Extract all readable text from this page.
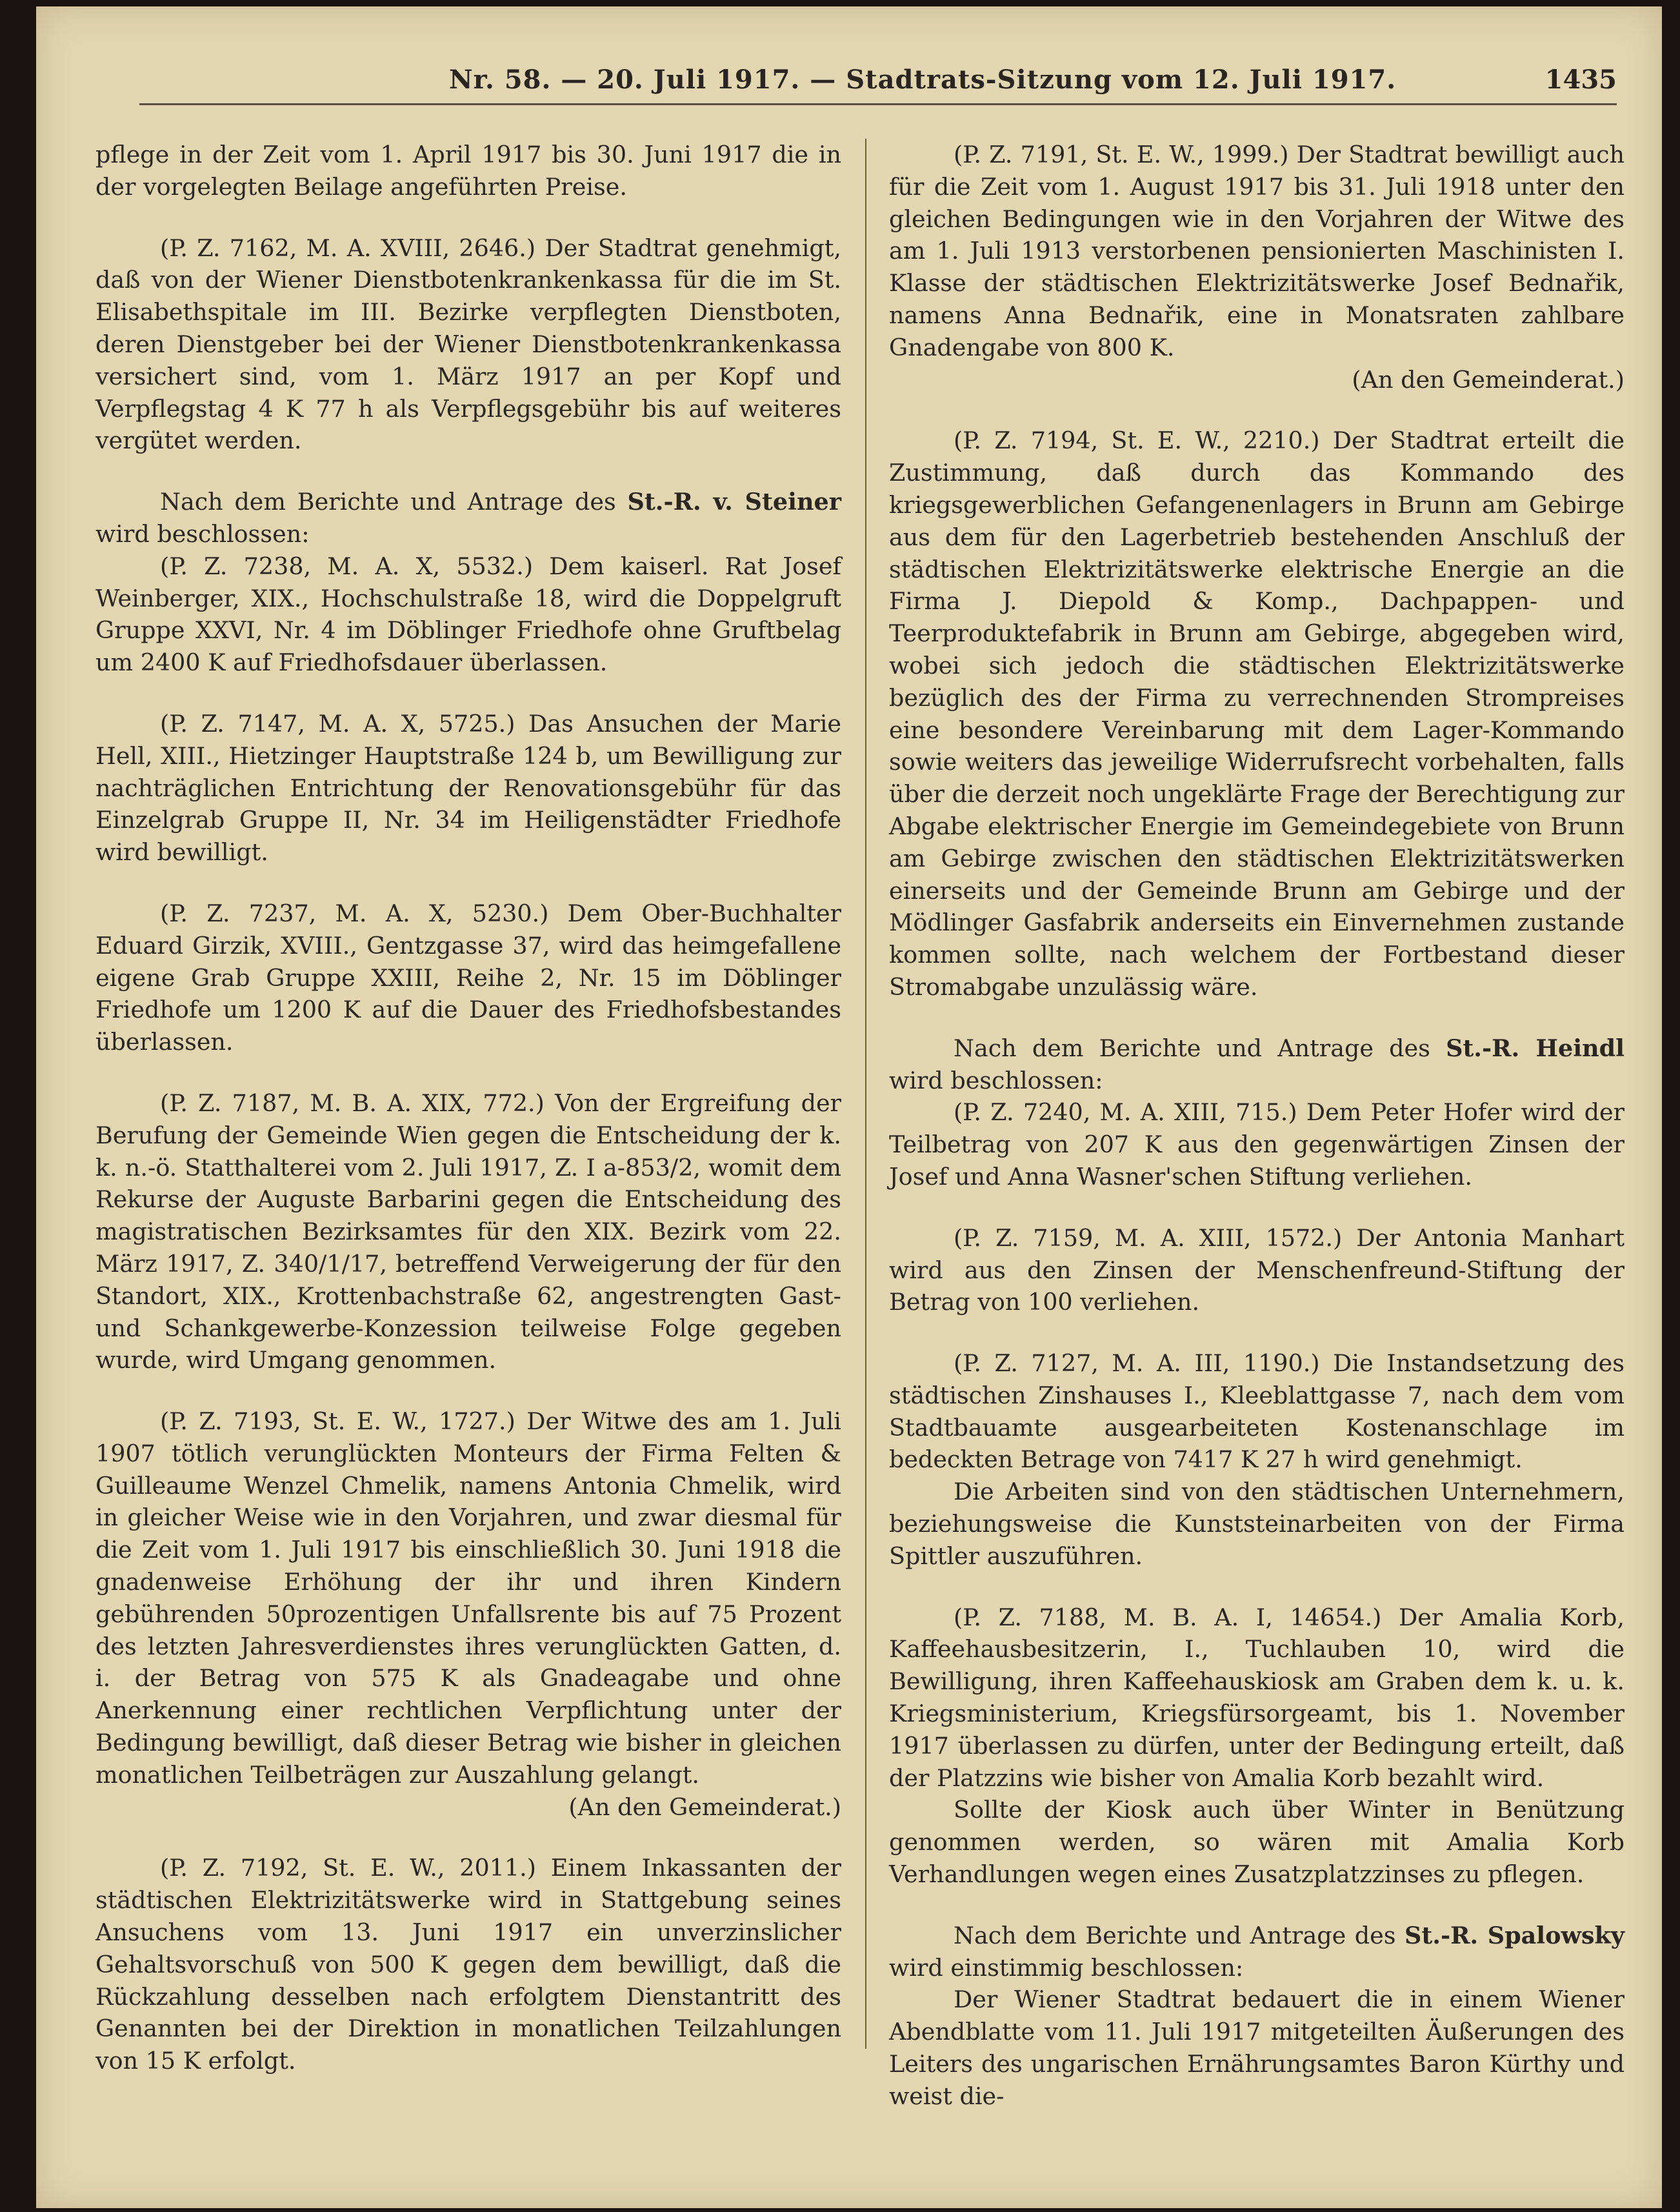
Nr. 58. — 20. Juli 1917. — Stadtrats-Sitzung vom 12. Juli 1917.	1435

pflege in der Zeit vom 1. April 1917 bis 30. Juni 1917 die in der vorgelegten Beilage angeführten Preise.

(P. Z. 7162, M. A. XVIII, 2646.) Der Stadtrat genehmigt, daß von der Wiener Dienstbotenkrankenkassa für die im St. Elisabethspitale im III. Bezirke verpflegten Dienstboten, deren Dienstgeber bei der Wiener Dienstbotenkrankenkassa versichert sind, vom 1. März 1917 an per Kopf und Verpflegstag 4 K 77 h als Verpflegsgebühr bis auf weiteres vergütet werden.

Nach dem Berichte und Antrage des St.-R. v. Steiner wird beschlossen:

(P. Z. 7238, M. A. X, 5532.) Dem kaiserl. Rat Josef Weinberger, XIX., Hochschulstraße 18, wird die Doppelgruft Gruppe XXVI, Nr. 4 im Döblinger Friedhofe ohne Gruftbelag um 2400 K auf Friedhofsdauer überlassen.

(P. Z. 7147, M. A. X, 5725.) Das Ansuchen der Marie Hell, XIII., Hietzinger Hauptstraße 124 b, um Bewilligung zur nachträglichen Entrichtung der Renovationsgebühr für das Einzelgrab Gruppe II, Nr. 34 im Heiligenstädter Friedhofe wird bewilligt.

(P. Z. 7237, M. A. X, 5230.) Dem Ober-Buchhalter Eduard Girzik, XVIII., Gentzgasse 37, wird das heimgefallene eigene Grab Gruppe XXIII, Reihe 2, Nr. 15 im Döblinger Friedhofe um 1200 K auf die Dauer des Friedhofsbestandes überlassen.

(P. Z. 7187, M. B. A. XIX, 772.) Von der Ergreifung der Berufung der Gemeinde Wien gegen die Entscheidung der k. k. n.-ö. Statthalterei vom 2. Juli 1917, Z. I a-853/2, womit dem Rekurse der Auguste Barbarini gegen die Entscheidung des magistratischen Bezirksamtes für den XIX. Bezirk vom 22. März 1917, Z. 340/1/17, betreffend Verweigerung der für den Standort, XIX., Krottenbachstraße 62, angestrengten Gast- und Schankgewerbe-Konzession teilweise Folge gegeben wurde, wird Umgang genommen.

(P. Z. 7193, St. E. W., 1727.) Der Witwe des am 1. Juli 1907 tötlich verunglückten Monteurs der Firma Felten & Guilleaume Wenzel Chmelik, namens Antonia Chmelik, wird in gleicher Weise wie in den Vorjahren, und zwar diesmal für die Zeit vom 1. Juli 1917 bis einschließlich 30. Juni 1918 die gnadenweise Erhöhung der ihr und ihren Kindern gebührenden 50prozentigen Unfallsrente bis auf 75 Prozent des letzten Jahresverdienstes ihres verunglückten Gatten, d. i. der Betrag von 575 K als Gnadeagabe und ohne Anerkennung einer rechtlichen Verpflichtung unter der Bedingung bewilligt, daß dieser Betrag wie bisher in gleichen monatlichen Teilbeträgen zur Auszahlung gelangt.

(An den Gemeinderat.)

(P. Z. 7192, St. E. W., 2011.) Einem Inkassanten der städtischen Elektrizitätswerke wird in Stattgebung seines Ansuchens vom 13. Juni 1917 ein unverzinslicher Gehaltsvorschuß von 500 K gegen dem bewilligt, daß die Rückzahlung desselben nach erfolgtem Dienstantritt des Genannten bei der Direktion in monatlichen Teilzahlungen von 15 K erfolgt.

(P. Z. 7191, St. E. W., 1999.) Der Stadtrat bewilligt auch für die Zeit vom 1. August 1917 bis 31. Juli 1918 unter den gleichen Bedingungen wie in den Vorjahren der Witwe des am 1. Juli 1913 verstorbenen pensionierten Maschinisten I. Klasse der städtischen Elektrizitätswerke Josef Bednařik, namens Anna Bednařik, eine in Monatsraten zahlbare Gnadengabe von 800 K.

(An den Gemeinderat.)

(P. Z. 7194, St. E. W., 2210.) Der Stadtrat erteilt die Zustimmung, daß durch das Kommando des kriegsgewerblichen Gefangenenlagers in Brunn am Gebirge aus dem für den Lagerbetrieb bestehenden Anschluß der städtischen Elektrizitätswerke elektrische Energie an die Firma J. Diepold & Komp., Dachpappen- und Teerproduktefabrik in Brunn am Gebirge, abgegeben wird, wobei sich jedoch die städtischen Elektrizitätswerke bezüglich des der Firma zu verrechnenden Strompreises eine besondere Vereinbarung mit dem Lager-Kommando sowie weiters das jeweilige Widerrufsrecht vorbehalten, falls über die derzeit noch ungeklärte Frage der Berechtigung zur Abgabe elektrischer Energie im Gemeindegebiete von Brunn am Gebirge zwischen den städtischen Elektrizitätswerken einerseits und der Gemeinde Brunn am Gebirge und der Mödlinger Gasfabrik anderseits ein Einvernehmen zustande kommen sollte, nach welchem der Fortbestand dieser Stromabgabe unzulässig wäre.

Nach dem Berichte und Antrage des St.-R. Heindl wird beschlossen:

(P. Z. 7240, M. A. XIII, 715.) Dem Peter Hofer wird der Teilbetrag von 207 K aus den gegenwärtigen Zinsen der Josef und Anna Wasner'schen Stiftung verliehen.

(P. Z. 7159, M. A. XIII, 1572.) Der Antonia Manhart wird aus den Zinsen der Menschenfreund-Stiftung der Betrag von 100 verliehen.

(P. Z. 7127, M. A. III, 1190.) Die Instandsetzung des städtischen Zinshauses I., Kleeblattgasse 7, nach dem vom Stadtbauamte ausgearbeiteten Kostenanschlage im bedeckten Betrage von 7417 K 27 h wird genehmigt.

Die Arbeiten sind von den städtischen Unternehmern, beziehungsweise die Kunststeinarbeiten von der Firma Spittler auszuführen.

(P. Z. 7188, M. B. A. I, 14654.) Der Amalia Korb, Kaffeehausbesitzerin, I., Tuchlauben 10, wird die Bewilligung, ihren Kaffeehauskiosk am Graben dem k. u. k. Kriegsministerium, Kriegsfürsorgeamt, bis 1. November 1917 überlassen zu dürfen, unter der Bedingung erteilt, daß der Platzzins wie bisher von Amalia Korb bezahlt wird.

Sollte der Kiosk auch über Winter in Benützung genommen werden, so wären mit Amalia Korb Verhandlungen wegen eines Zusatzplatzzinses zu pflegen.

Nach dem Berichte und Antrage des St.-R. Spalowsky wird einstimmig beschlossen:

Der Wiener Stadtrat bedauert die in einem Wiener Abendblatte vom 11. Juli 1917 mitgeteilten Äußerungen des Leiters des ungarischen Ernährungsamtes Baron Kürthy und weist die-
